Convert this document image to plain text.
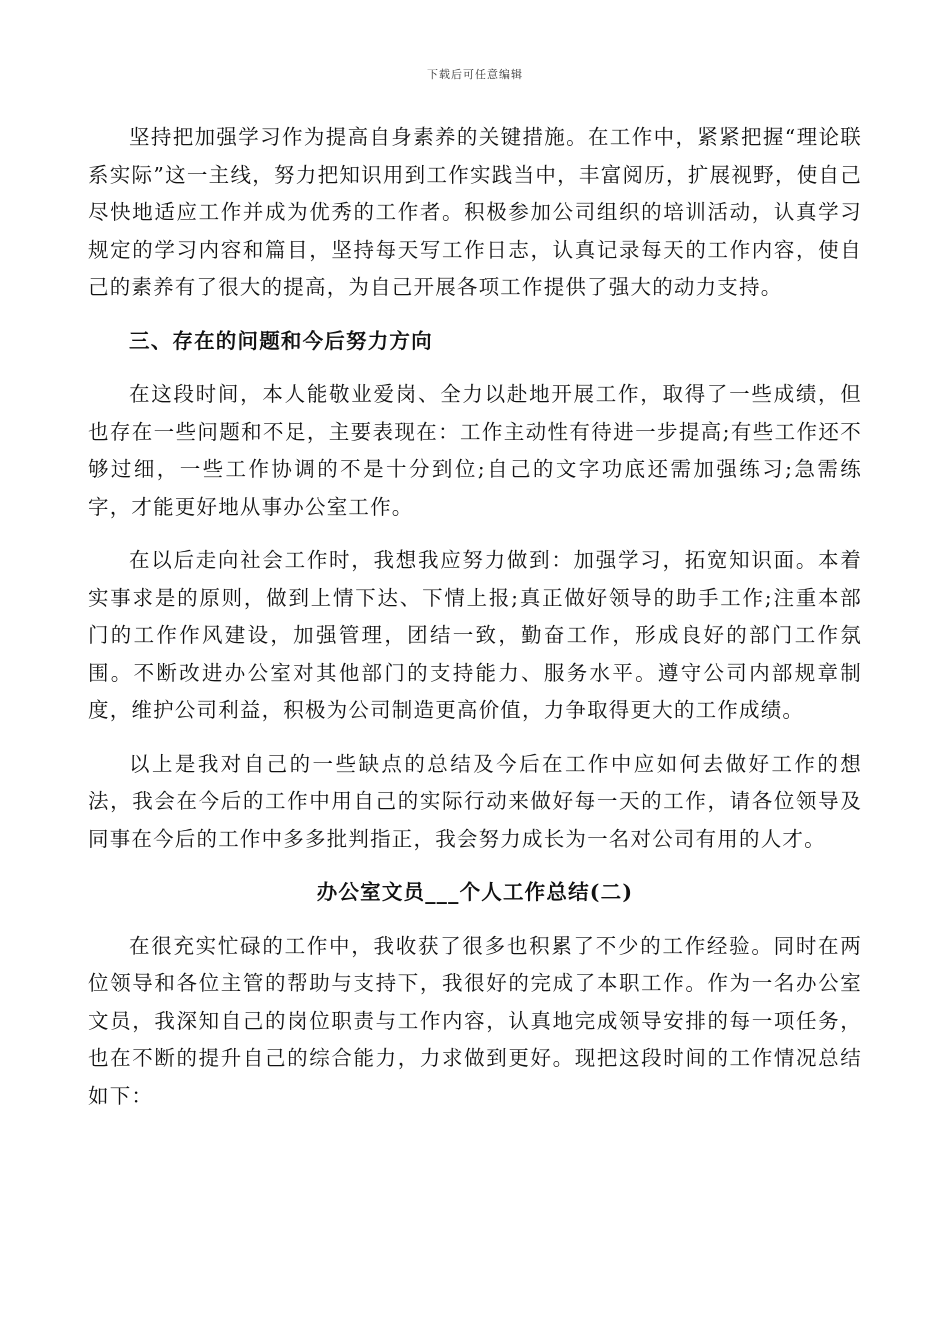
下载后可任意编辑

坚持把加强学习作为提高自身素养的关键措施。在工作中，紧紧把握“理论联系实际”这一主线，努力把知识用到工作实践当中，丰富阅历，扩展视野，使自己尽快地适应工作并成为优秀的工作者。积极参加公司组织的培训活动，认真学习规定的学习内容和篇目，坚持每天写工作日志，认真记录每天的工作内容，使自己的素养有了很大的提高，为自己开展各项工作提供了强大的动力支持。

三、存在的问题和今后努力方向

在这段时间，本人能敬业爱岗、全力以赴地开展工作，取得了一些成绩，但也存在一些问题和不足，主要表现在：工作主动性有待进一步提高;有些工作还不够过细，一些工作协调的不是十分到位;自己的文字功底还需加强练习;急需练字，才能更好地从事办公室工作。

在以后走向社会工作时，我想我应努力做到：加强学习，拓宽知识面。本着实事求是的原则，做到上情下达、下情上报;真正做好领导的助手工作;注重本部门的工作作风建设，加强管理，团结一致，勤奋工作，形成良好的部门工作氛围。不断改进办公室对其他部门的支持能力、服务水平。遵守公司内部规章制度，维护公司利益，积极为公司制造更高价值，力争取得更大的工作成绩。

以上是我对自己的一些缺点的总结及今后在工作中应如何去做好工作的想法，我会在今后的工作中用自己的实际行动来做好每一天的工作，请各位领导及同事在今后的工作中多多批判指正，我会努力成长为一名对公司有用的人才。

办公室文员___个人工作总结(二)

在很充实忙碌的工作中，我收获了很多也积累了不少的工作经验。同时在两位领导和各位主管的帮助与支持下，我很好的完成了本职工作。作为一名办公室文员，我深知自己的岗位职责与工作内容，认真地完成领导安排的每一项任务，也在不断的提升自己的综合能力，力求做到更好。现把这段时间的工作情况总结如下：
